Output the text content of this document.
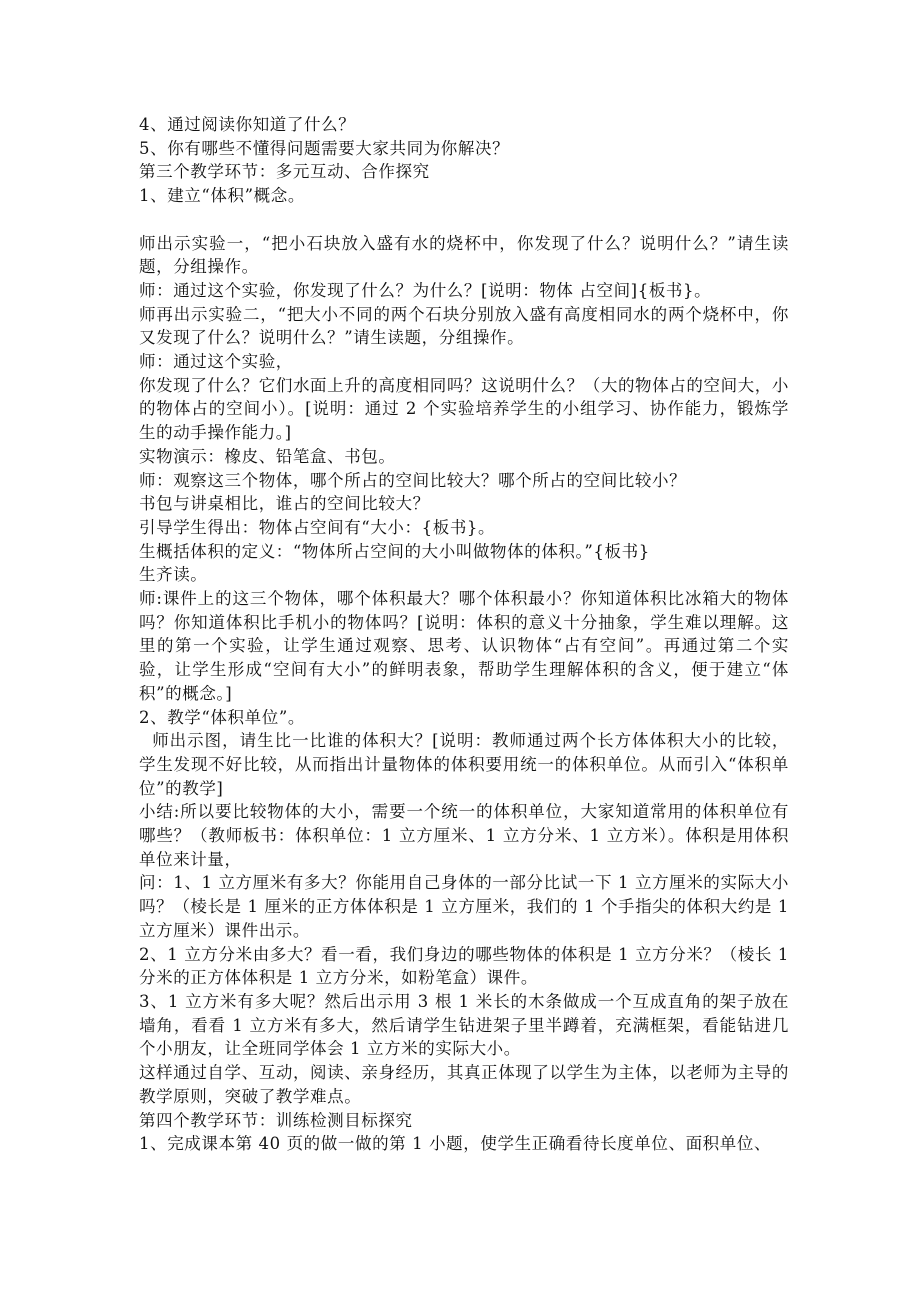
4、通过阅读你知道了什么？

5、你有哪些不懂得问题需要大家共同为你解决？

第三个教学环节：多元互动、合作探究

1、建立“体积”概念。

师出示实验一，“把小石块放入盛有水的烧杯中，你发现了什么？说明什么？”请生读题，分组操作。

师：通过这个实验，你发现了什么？为什么？[说明：物体 占空间]{板书}。

师再出示实验二，“把大小不同的两个石块分别放入盛有高度相同水的两个烧杯中，你又发现了什么？说明什么？”请生读题，分组操作。

师：通过这个实验，

你发现了什么？它们水面上升的高度相同吗？这说明什么？（大的物体占的空间大，小的物体占的空间小）。[说明：通过 2 个实验培养学生的小组学习、协作能力，锻炼学生的动手操作能力。]

实物演示：橡皮、铅笔盒、书包。

师：观察这三个物体，哪个所占的空间比较大？哪个所占的空间比较小？

书包与讲桌相比，谁占的空间比较大？

引导学生得出：物体占空间有“大小：{板书}。

生概括体积的定义：“物体所占空间的大小叫做物体的体积。”{板书}

生齐读。

师:课件上的这三个物体，哪个体积最大？哪个体积最小？你知道体积比冰箱大的物体吗？你知道体积比手机小的物体吗？[说明：体积的意义十分抽象，学生难以理解。这里的第一个实验，让学生通过观察、思考、认识物体“占有空间”。再通过第二个实验，让学生形成“空间有大小”的鲜明表象，帮助学生理解体积的含义，便于建立“体积”的概念。]

2、教学“体积单位”。

师出示图，请生比一比谁的体积大？[说明：教师通过两个长方体体积大小的比较，学生发现不好比较，从而指出计量物体的体积要用统一的体积单位。从而引入“体积单位”的教学]

小结:所以要比较物体的大小，需要一个统一的体积单位，大家知道常用的体积单位有哪些？（教师板书：体积单位：1 立方厘米、1 立方分米、1 立方米）。体积是用体积单位来计量，

问：1、1 立方厘米有多大？你能用自己身体的一部分比试一下 1 立方厘米的实际大小吗？（棱长是 1 厘米的正方体体积是 1 立方厘米，我们的 1 个手指尖的体积大约是 1 立方厘米）课件出示。

2、1 立方分米由多大？看一看，我们身边的哪些物体的体积是 1 立方分米？（棱长 1 分米的正方体体积是 1 立方分米，如粉笔盒）课件。

3、1 立方米有多大呢？然后出示用 3 根 1 米长的木条做成一个互成直角的架子放在墙角，看看 1 立方米有多大，然后请学生钻进架子里半蹲着，充满框架，看能钻进几个小朋友，让全班同学体会 1 立方米的实际大小。

这样通过自学、互动，阅读、亲身经历，其真正体现了以学生为主体，以老师为主导的教学原则，突破了教学难点。

第四个教学环节：训练检测目标探究

1、完成课本第 40 页的做一做的第 1 小题，使学生正确看待长度单位、面积单位、
